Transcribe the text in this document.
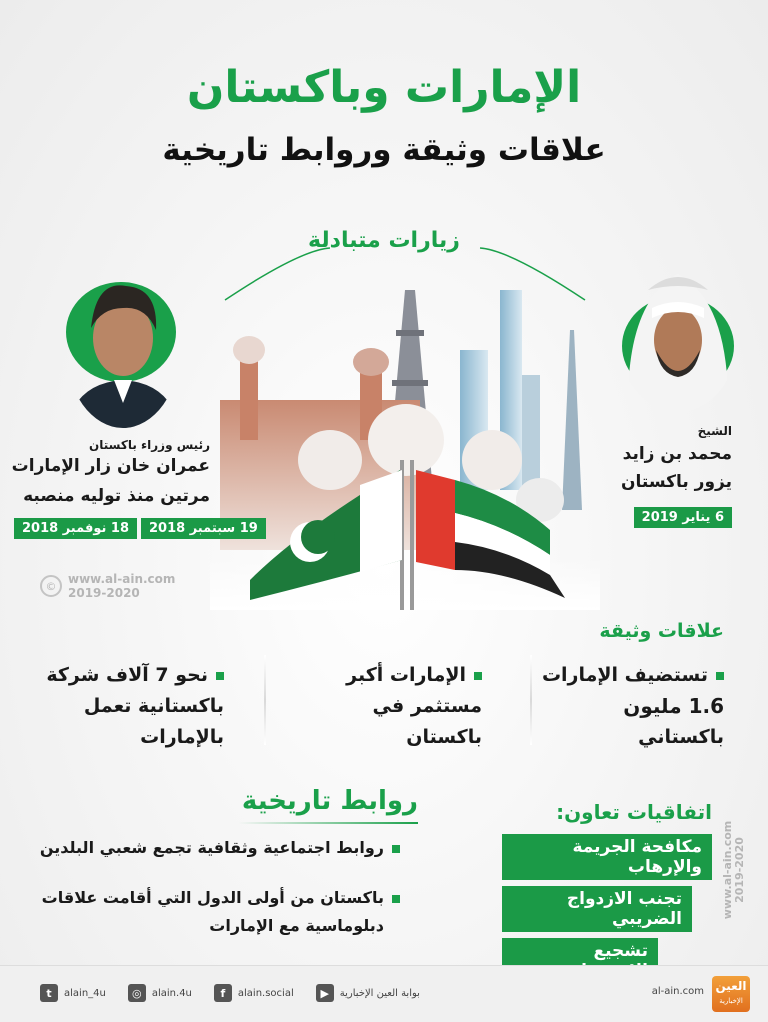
الإمارات وباكستان
علاقات وثيقة وروابط تاريخية
زيارات متبادلة
رئيس وزراء باكستان
عمران خان زار الإمارات
مرتين منذ توليه منصبه
19 سبتمبر 2018
18 نوفمبر 2018
الشيخ
محمد بن زايد
يزور باكستان
6 يناير 2019
© www.al-ain.com
2019-2020
علاقات وثيقة
تستضيف الإمارات
1.6 مليون
باكستاني
الإمارات أكبر
مستثمر في
باكستان
نحو 7 آلاف شركة
باكستانية تعمل
بالإمارات
روابط تاريخية
روابط اجتماعية وثقافية تجمع شعبي البلدين
باكستان من أولى الدول التي أقامت علاقات
دبلوماسية مع الإمارات
اتفاقيات تعاون:
مكافحة الجريمة والإرهاب
تجنب الازدواج الضريبي
تشجيع
www.al-ain.com 2019-2020
t	alain_4u	◎	alain.4u	f	alain.social	▶	بوابة العين الإخبارية	al-ain.com العين
الإخبارية
